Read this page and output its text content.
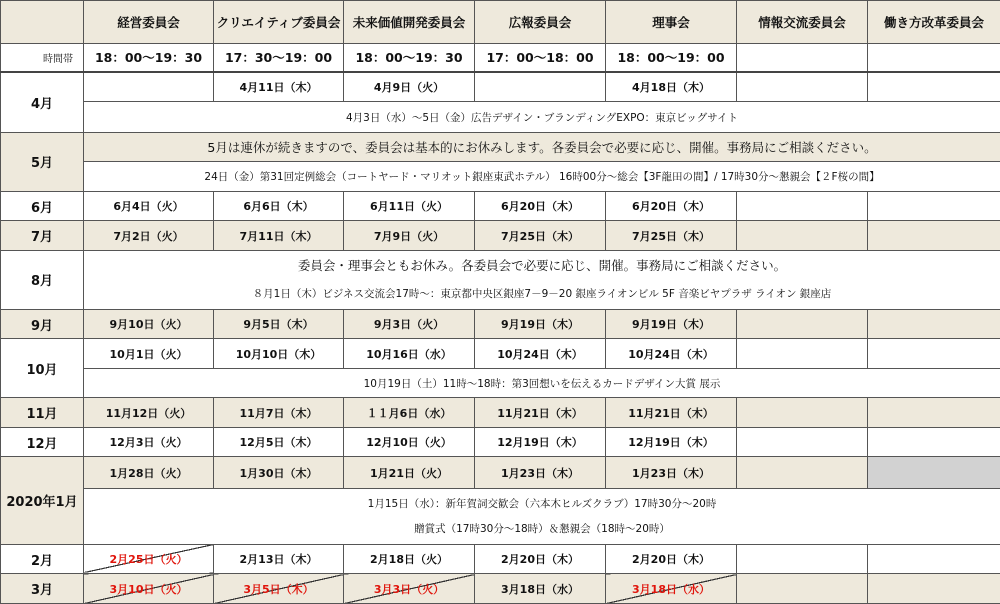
	経営委員会	クリエイティブ委員会	未来価値開発委員会	広報委員会	理事会	情報交流委員会	働き方改革委員会
時間帯	18：00〜19：30	17：30〜19：00	18：00〜19：30	17：00〜18：00	18：00〜19：00		
4月		4月11日（木）	4月9日（火）		4月18日（木）		
	4月3日（水）〜5日（金）広告デザイン・ブランディングEXPO：東京ビッグサイト						
5月	5月は連休が続きますので、委員会は基本的にお休みします。各委員会で必要に応じ、開催。事務局にご相談ください。						
	24日（金）第31回定例総会（コートヤード・マリオット銀座東武ホテル） 16時00分〜総会【3F龍田の間】/ 17時30分〜懇親会【２F桜の間】						
6月	6月4日（火）	6月6日（木）	6月11日（火）	6月20日（木）	6月20日（木）		
7月	7月2日（火）	7月11日（木）	7月9日（火）	7月25日（木）	7月25日（木）		
8月	委員会・理事会ともお休み。各委員会で必要に応じ、開催。事務局にご相談ください。						
	８月1日（木）ビジネス交流会17時〜：東京都中央区銀座7－9－20 銀座ライオンビル 5F 音楽ビヤプラザ ライオン 銀座店						
9月	9月10日（火）	9月5日（木）	9月3日（火）	9月19日（木）	9月19日（木）		
10月	10月1日（火）	10月10日（木）	10月16日（水）	10月24日（木）	10月24日（木）		
	10月19日（土）11時〜18時：第3回想いを伝えるカードデザイン大賞 展示						
11月	11月12日（火）	11月7日（木）	１１月6日（水）	11月21日（木）	11月21日（木）		
12月	12月3日（火）	12月5日（木）	12月10日（火）	12月19日（木）	12月19日（木）		
2020年1月	1月28日（火）	1月30日（木）	1月21日（火）	1月23日（木）	1月23日（木）		
	1月15日（水）：新年賀詞交歓会（六本木ヒルズクラブ）17時30分〜20時
贈賞式（17時30分〜18時）＆懇親会（18時〜20時）						

2月	2月25日（火）	2月13日（木）	2月18日（火）	2月20日（木）	2月20日（木）		
3月	3月10日（火）	3月5日（木）	3月3日（火）	3月18日（水）	3月18日（水）		
